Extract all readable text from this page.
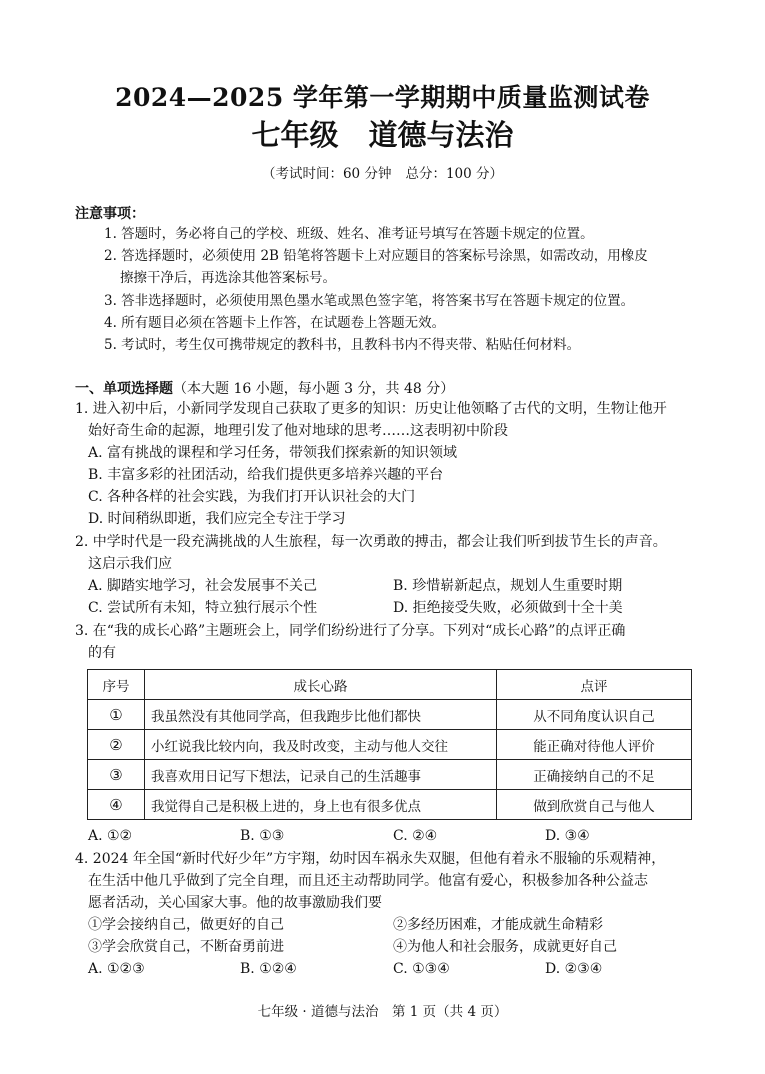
2024—2025 学年第一学期期中质量监测试卷
七年级 道德与法治
（考试时间：60 分钟 总分：100 分）
注意事项：
1. 答题时，务必将自己的学校、班级、姓名、准考证号填写在答题卡规定的位置。
2. 答选择题时，必须使用 2B 铅笔将答题卡上对应题目的答案标号涂黑，如需改动，用橡皮
擦擦干净后，再选涂其他答案标号。
3. 答非选择题时，必须使用黑色墨水笔或黑色签字笔，将答案书写在答题卡规定的位置。
4. 所有题目必须在答题卡上作答，在试题卷上答题无效。
5. 考试时，考生仅可携带规定的教科书，且教科书内不得夹带、粘贴任何材料。
一、单项选择题（本大题 16 小题，每小题 3 分，共 48 分）
1. 进入初中后，小新同学发现自己获取了更多的知识：历史让他领略了古代的文明，生物让他开
始好奇生命的起源，地理引发了他对地球的思考……这表明初中阶段
A. 富有挑战的课程和学习任务，带领我们探索新的知识领域
B. 丰富多彩的社团活动，给我们提供更多培养兴趣的平台
C. 各种各样的社会实践，为我们打开认识社会的大门
D. 时间稍纵即逝，我们应完全专注于学习
2. 中学时代是一段充满挑战的人生旅程，每一次勇敢的搏击，都会让我们听到拔节生长的声音。
这启示我们应
A. 脚踏实地学习，社会发展事不关己	B. 珍惜崭新起点，规划人生重要时期
C. 尝试所有未知，特立独行展示个性	D. 拒绝接受失败，必须做到十全十美
3. 在“我的成长心路”主题班会上，同学们纷纷进行了分享。下列对“成长心路”的点评正确
的有
序号	成长心路	点评
①	我虽然没有其他同学高，但我跑步比他们都快	从不同角度认识自己
②	小红说我比较内向，我及时改变，主动与他人交往	能正确对待他人评价
③	我喜欢用日记写下想法，记录自己的生活趣事	正确接纳自己的不足
④	我觉得自己是积极上进的，身上也有很多优点	做到欣赏自己与他人
A. ①②	B. ①③	C. ②④	D. ③④
4. 2024 年全国“新时代好少年”方宇翔，幼时因车祸永失双腿，但他有着永不服输的乐观精神，
在生活中他几乎做到了完全自理，而且还主动帮助同学。他富有爱心，积极参加各种公益志
愿者活动，关心国家大事。他的故事激励我们要
①学会接纳自己，做更好的自己	②多经历困难，才能成就生命精彩
③学会欣赏自己，不断奋勇前进	④为他人和社会服务，成就更好自己
A. ①②③	B. ①②④	C. ①③④	D. ②③④
七年级 · 道德与法治　第 1 页（共 4 页）
